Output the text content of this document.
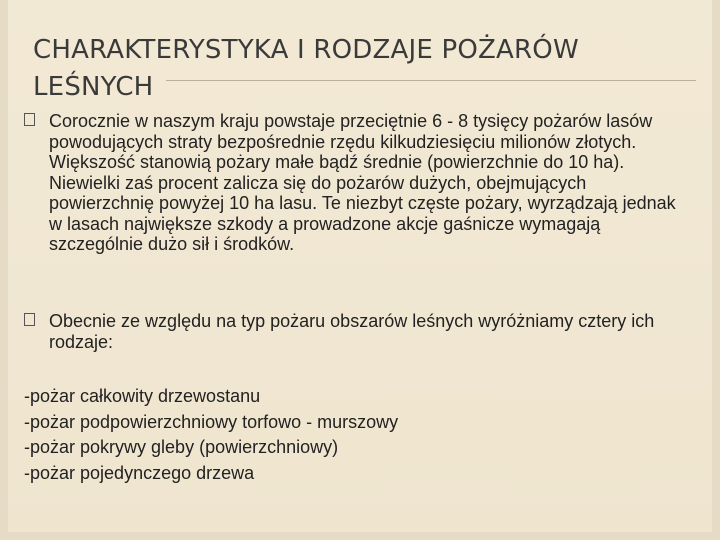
CHARAKTERYSTYKA I RODZAJE POŻARÓW LEŚNYCH
Corocznie w naszym kraju powstaje przeciętnie 6 - 8 tysięcy pożarów lasów powodujących straty bezpośrednie rzędu kilkudziesięciu milionów złotych. Większość stanowią pożary małe bądź średnie (powierzchnie do 10 ha). Niewielki zaś procent zalicza się do pożarów dużych, obejmujących powierzchnię powyżej 10 ha lasu. Te niezbyt częste pożary, wyrządzają jednak w lasach największe szkody a prowadzone akcje gaśnicze wymagają szczególnie dużo sił i środków.
Obecnie ze względu na typ pożaru obszarów leśnych wyróżniamy cztery ich rodzaje:
-pożar całkowity drzewostanu
-pożar podpowierzchniowy torfowo - murszowy
-pożar pokrywy gleby (powierzchniowy)
-pożar pojedynczego drzewa
